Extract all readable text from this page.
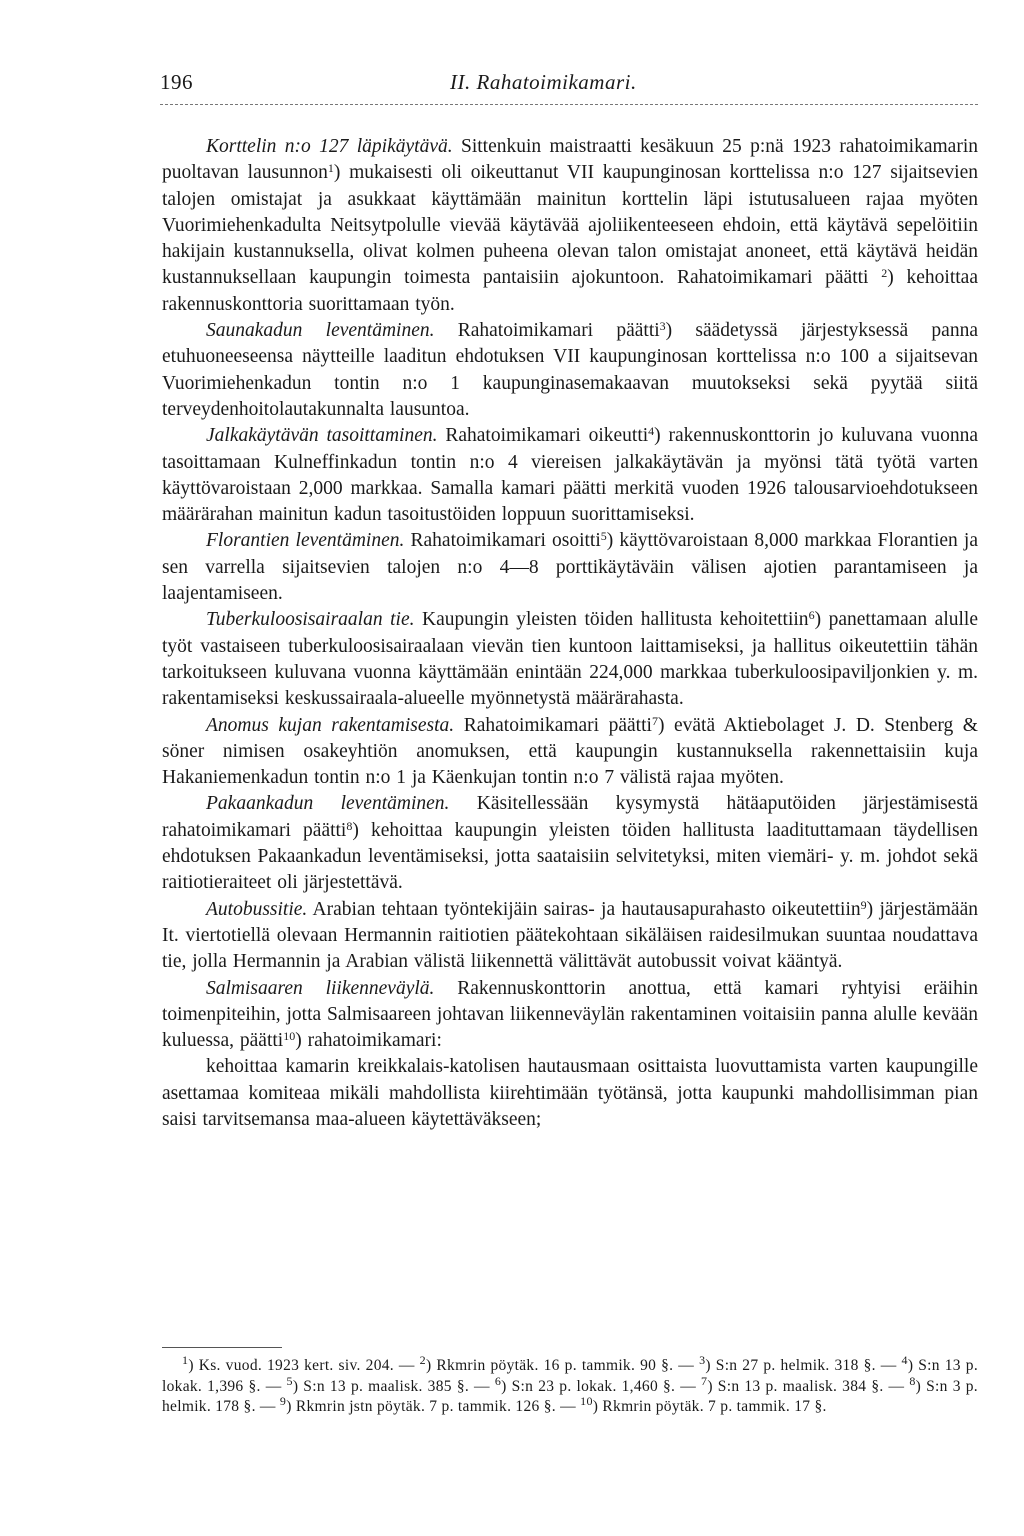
196	II. Rahatoimikamari.

Korttelin n:o 127 läpikäytävä. Sittenkuin maistraatti kesäkuun 25 p:nä 1923 rahatoimikamarin puoltavan lausunnon$^1$) mukaisesti oli oikeuttanut VII kaupunginosan korttelissa n:o 127 sijaitsevien talojen omistajat ja asukkaat käyttämään mainitun korttelin läpi istutusalueen rajaa myöten Vuorimiehenkadulta Neitsytpolulle vievää käytävää ajoliikenteeseen ehdoin, että käytävä sepelöitiin hakijain kustannuksella, olivat kolmen puheena olevan talon omistajat anoneet, että käytävä heidän kustannuksellaan kaupungin toimesta pantaisiin ajokuntoon. Rahatoimikamari päätti $^2$) kehoittaa rakennuskonttoria suorittamaan työn.

Saunakadun leventäminen. Rahatoimikamari päätti$^3$) säädetyssä järjestyksessä panna etuhuoneeseensa näytteille laaditun ehdotuksen VII kaupunginosan korttelissa n:o 100 a sijaitsevan Vuorimiehenkadun tontin n:o 1 kaupunginasemakaavan muutokseksi sekä pyytää siitä terveydenhoitolautakunnalta lausuntoa.

Jalkakäytävän tasoittaminen. Rahatoimikamari oikeutti$^4$) rakennuskonttorin jo kuluvana vuonna tasoittamaan Kulneffinkadun tontin n:o 4 viereisen jalkakäytävän ja myönsi tätä työtä varten käyttövaroistaan 2,000 markkaa. Samalla kamari päätti merkitä vuoden 1926 talousarvioehdotukseen määrärahan mainitun kadun tasoitustöiden loppuun suorittamiseksi.

Florantien leventäminen. Rahatoimikamari osoitti$^5$) käyttövaroistaan 8,000 markkaa Florantien ja sen varrella sijaitsevien talojen n:o 4—8 porttikäytäväin välisen ajotien parantamiseen ja laajentamiseen.

Tuberkuloosisairaalan tie. Kaupungin yleisten töiden hallitusta kehoitettiin$^6$) panettamaan alulle työt vastaiseen tuberkuloosisairaalaan vievän tien kuntoon laittamiseksi, ja hallitus oikeutettiin tähän tarkoitukseen kuluvana vuonna käyttämään enintään 224,000 markkaa tuberkuloosipaviljonkien y. m. rakentamiseksi keskussairaala-alueelle myönnetystä määrärahasta.

Anomus kujan rakentamisesta. Rahatoimikamari päätti$^7$) evätä Aktiebolaget J. D. Stenberg & söner nimisen osakeyhtiön anomuksen, että kaupungin kustannuksella rakennettaisiin kuja Hakaniemenkadun tontin n:o 1 ja Käenkujan tontin n:o 7 välistä rajaa myöten.

Pakaankadun leventäminen. Käsitellessään kysymystä hätäaputöiden järjestämisestä rahatoimikamari päätti$^8$) kehoittaa kaupungin yleisten töiden hallitusta laadituttamaan täydellisen ehdotuksen Pakaankadun leventämiseksi, jotta saataisiin selvitetyksi, miten viemäri- y. m. johdot sekä raitiotieraiteet oli järjestettävä.

Autobussitie. Arabian tehtaan työntekijäin sairas- ja hautausapurahasto oikeutettiin$^9$) järjestämään It. viertotiellä olevaan Hermannin raitiotien päätekohtaan sikäläisen raidesilmukan suuntaa noudattava tie, jolla Hermannin ja Arabian välistä liikennettä välittävät autobussit voivat kääntyä.

Salmisaaren liikenneväylä. Rakennuskonttorin anottua, että kamari ryhtyisi eräihin toimenpiteihin, jotta Salmisaareen johtavan liikenneväylän rakentaminen voitaisiin panna alulle kevään kuluessa, päätti$^{10}$) rahatoimikamari:

kehoittaa kamarin kreikkalais-katolisen hautausmaan osittaista luovuttamista varten kaupungille asettamaa komiteaa mikäli mahdollista kiirehtimään työtänsä, jotta kaupunki mahdollisimman pian saisi tarvitsemansa maa-alueen käytettäväkseen;

$^1$) Ks. vuod. 1923 kert. siv. 204. — $^2$) Rkmrin pöytäk. 16 p. tammik. 90 §. — $^3$) S:n 27 p. helmik. 318 §. — $^4$) S:n 13 p. lokak. 1,396 §. — $^5$) S:n 13 p. maalisk. 385 §. — $^6$) S:n 23 p. lokak. 1,460 §. — $^7$) S:n 13 p. maalisk. 384 §. — $^8$) S:n 3 p. helmik. 178 §. — $^9$) Rkmrin jstn pöytäk. 7 p. tammik. 126 §. — $^{10}$) Rkmrin pöytäk. 7 p. tammik. 17 §.
